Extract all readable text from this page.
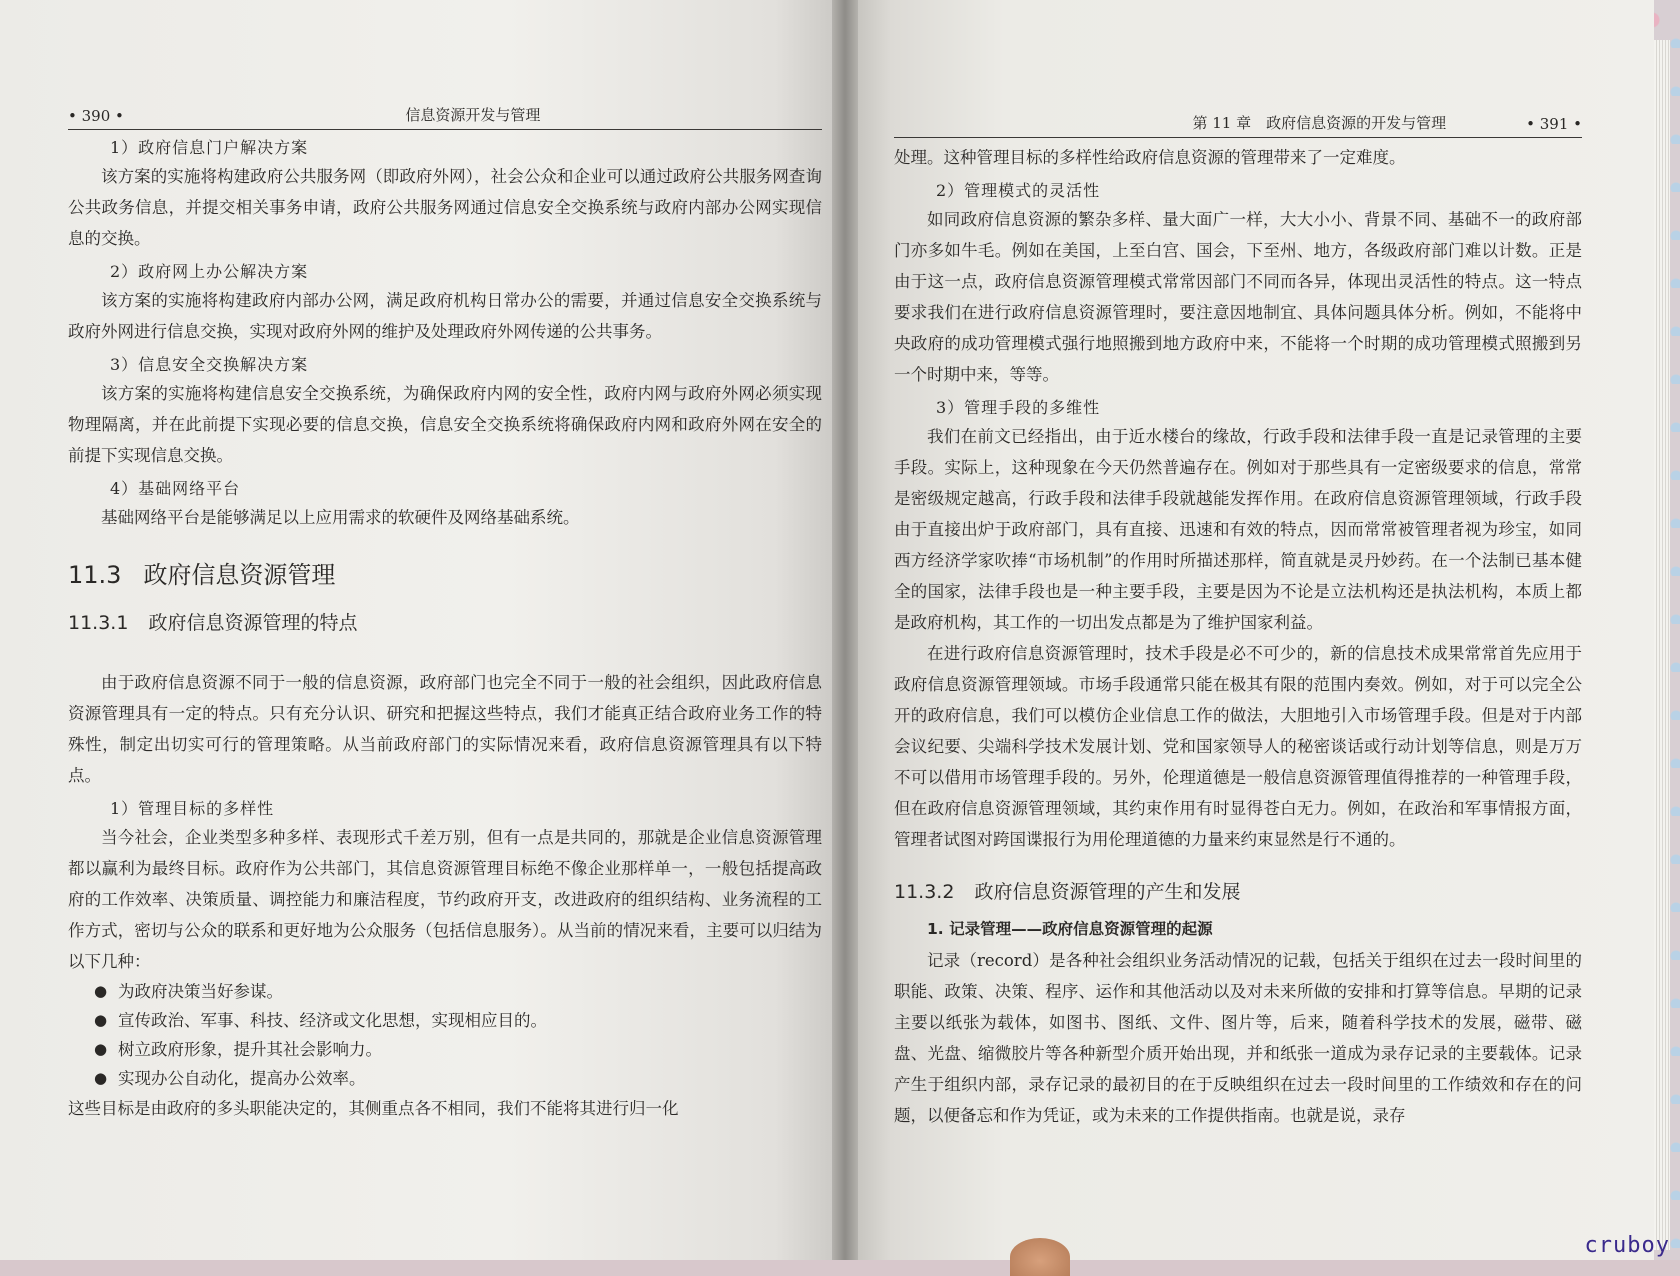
• 390 •	信息资源开发与管理
1）政府信息门户解决方案

该方案的实施将构建政府公共服务网（即政府外网），社会公众和企业可以通过政府公共服务网查询公共政务信息，并提交相关事务申请，政府公共服务网通过信息安全交换系统与政府内部办公网实现信息的交换。

2）政府网上办公解决方案

该方案的实施将构建政府内部办公网，满足政府机构日常办公的需要，并通过信息安全交换系统与政府外网进行信息交换，实现对政府外网的维护及处理政府外网传递的公共事务。

3）信息安全交换解决方案

该方案的实施将构建信息安全交换系统，为确保政府内网的安全性，政府内网与政府外网必须实现物理隔离，并在此前提下实现必要的信息交换，信息安全交换系统将确保政府内网和政府外网在安全的前提下实现信息交换。

4）基础网络平台

基础网络平台是能够满足以上应用需求的软硬件及网络基础系统。

11.3 政府信息资源管理
11.3.1 政府信息资源管理的特点

由于政府信息资源不同于一般的信息资源，政府部门也完全不同于一般的社会组织，因此政府信息资源管理具有一定的特点。只有充分认识、研究和把握这些特点，我们才能真正结合政府业务工作的特殊性，制定出切实可行的管理策略。从当前政府部门的实际情况来看，政府信息资源管理具有以下特点。

1）管理目标的多样性

当今社会，企业类型多种多样、表现形式千差万别，但有一点是共同的，那就是企业信息资源管理都以赢利为最终目标。政府作为公共部门，其信息资源管理目标绝不像企业那样单一，一般包括提高政府的工作效率、决策质量、调控能力和廉洁程度，节约政府开支，改进政府的组织结构、业务流程的工作方式，密切与公众的联系和更好地为公众服务（包括信息服务）。从当前的情况来看，主要可以归结为以下几种：

● 为政府决策当好参谋。
● 宣传政治、军事、科技、经济或文化思想，实现相应目的。
● 树立政府形象，提升其社会影响力。
● 实现办公自动化，提高办公效率。

这些目标是由政府的多头职能决定的，其侧重点各不相同，我们不能将其进行归一化

第 11 章　政府信息资源的开发与管理	• 391 •

处理。这种管理目标的多样性给政府信息资源的管理带来了一定难度。

2）管理模式的灵活性

如同政府信息资源的繁杂多样、量大面广一样，大大小小、背景不同、基础不一的政府部门亦多如牛毛。例如在美国，上至白宫、国会，下至州、地方，各级政府部门难以计数。正是由于这一点，政府信息资源管理模式常常因部门不同而各异，体现出灵活性的特点。这一特点要求我们在进行政府信息资源管理时，要注意因地制宜、具体问题具体分析。例如，不能将中央政府的成功管理模式强行地照搬到地方政府中来，不能将一个时期的成功管理模式照搬到另一个时期中来，等等。

3）管理手段的多维性

我们在前文已经指出，由于近水楼台的缘故，行政手段和法律手段一直是记录管理的主要手段。实际上，这种现象在今天仍然普遍存在。例如对于那些具有一定密级要求的信息，常常是密级规定越高，行政手段和法律手段就越能发挥作用。在政府信息资源管理领域，行政手段由于直接出炉于政府部门，具有直接、迅速和有效的特点，因而常常被管理者视为珍宝，如同西方经济学家吹捧“市场机制”的作用时所描述那样，简直就是灵丹妙药。在一个法制已基本健全的国家，法律手段也是一种主要手段，主要是因为不论是立法机构还是执法机构，本质上都是政府机构，其工作的一切出发点都是为了维护国家利益。

在进行政府信息资源管理时，技术手段是必不可少的，新的信息技术成果常常首先应用于政府信息资源管理领域。市场手段通常只能在极其有限的范围内奏效。例如，对于可以完全公开的政府信息，我们可以模仿企业信息工作的做法，大胆地引入市场管理手段。但是对于内部会议纪要、尖端科学技术发展计划、党和国家领导人的秘密谈话或行动计划等信息，则是万万不可以借用市场管理手段的。另外，伦理道德是一般信息资源管理值得推荐的一种管理手段，但在政府信息资源管理领域，其约束作用有时显得苍白无力。例如，在政治和军事情报方面，管理者试图对跨国谍报行为用伦理道德的力量来约束显然是行不通的。

11.3.2 政府信息资源管理的产生和发展

1. 记录管理——政府信息资源管理的起源

记录（record）是各种社会组织业务活动情况的记载，包括关于组织在过去一段时间里的职能、政策、决策、程序、运作和其他活动以及对未来所做的安排和打算等信息。早期的记录主要以纸张为载体，如图书、图纸、文件、图片等，后来，随着科学技术的发展，磁带、磁盘、光盘、缩微胶片等各种新型介质开始出现，并和纸张一道成为录存记录的主要载体。记录产生于组织内部，录存记录的最初目的在于反映组织在过去一段时间里的工作绩效和存在的问题，以便备忘和作为凭证，或为未来的工作提供指南。也就是说，录存

cruboy
